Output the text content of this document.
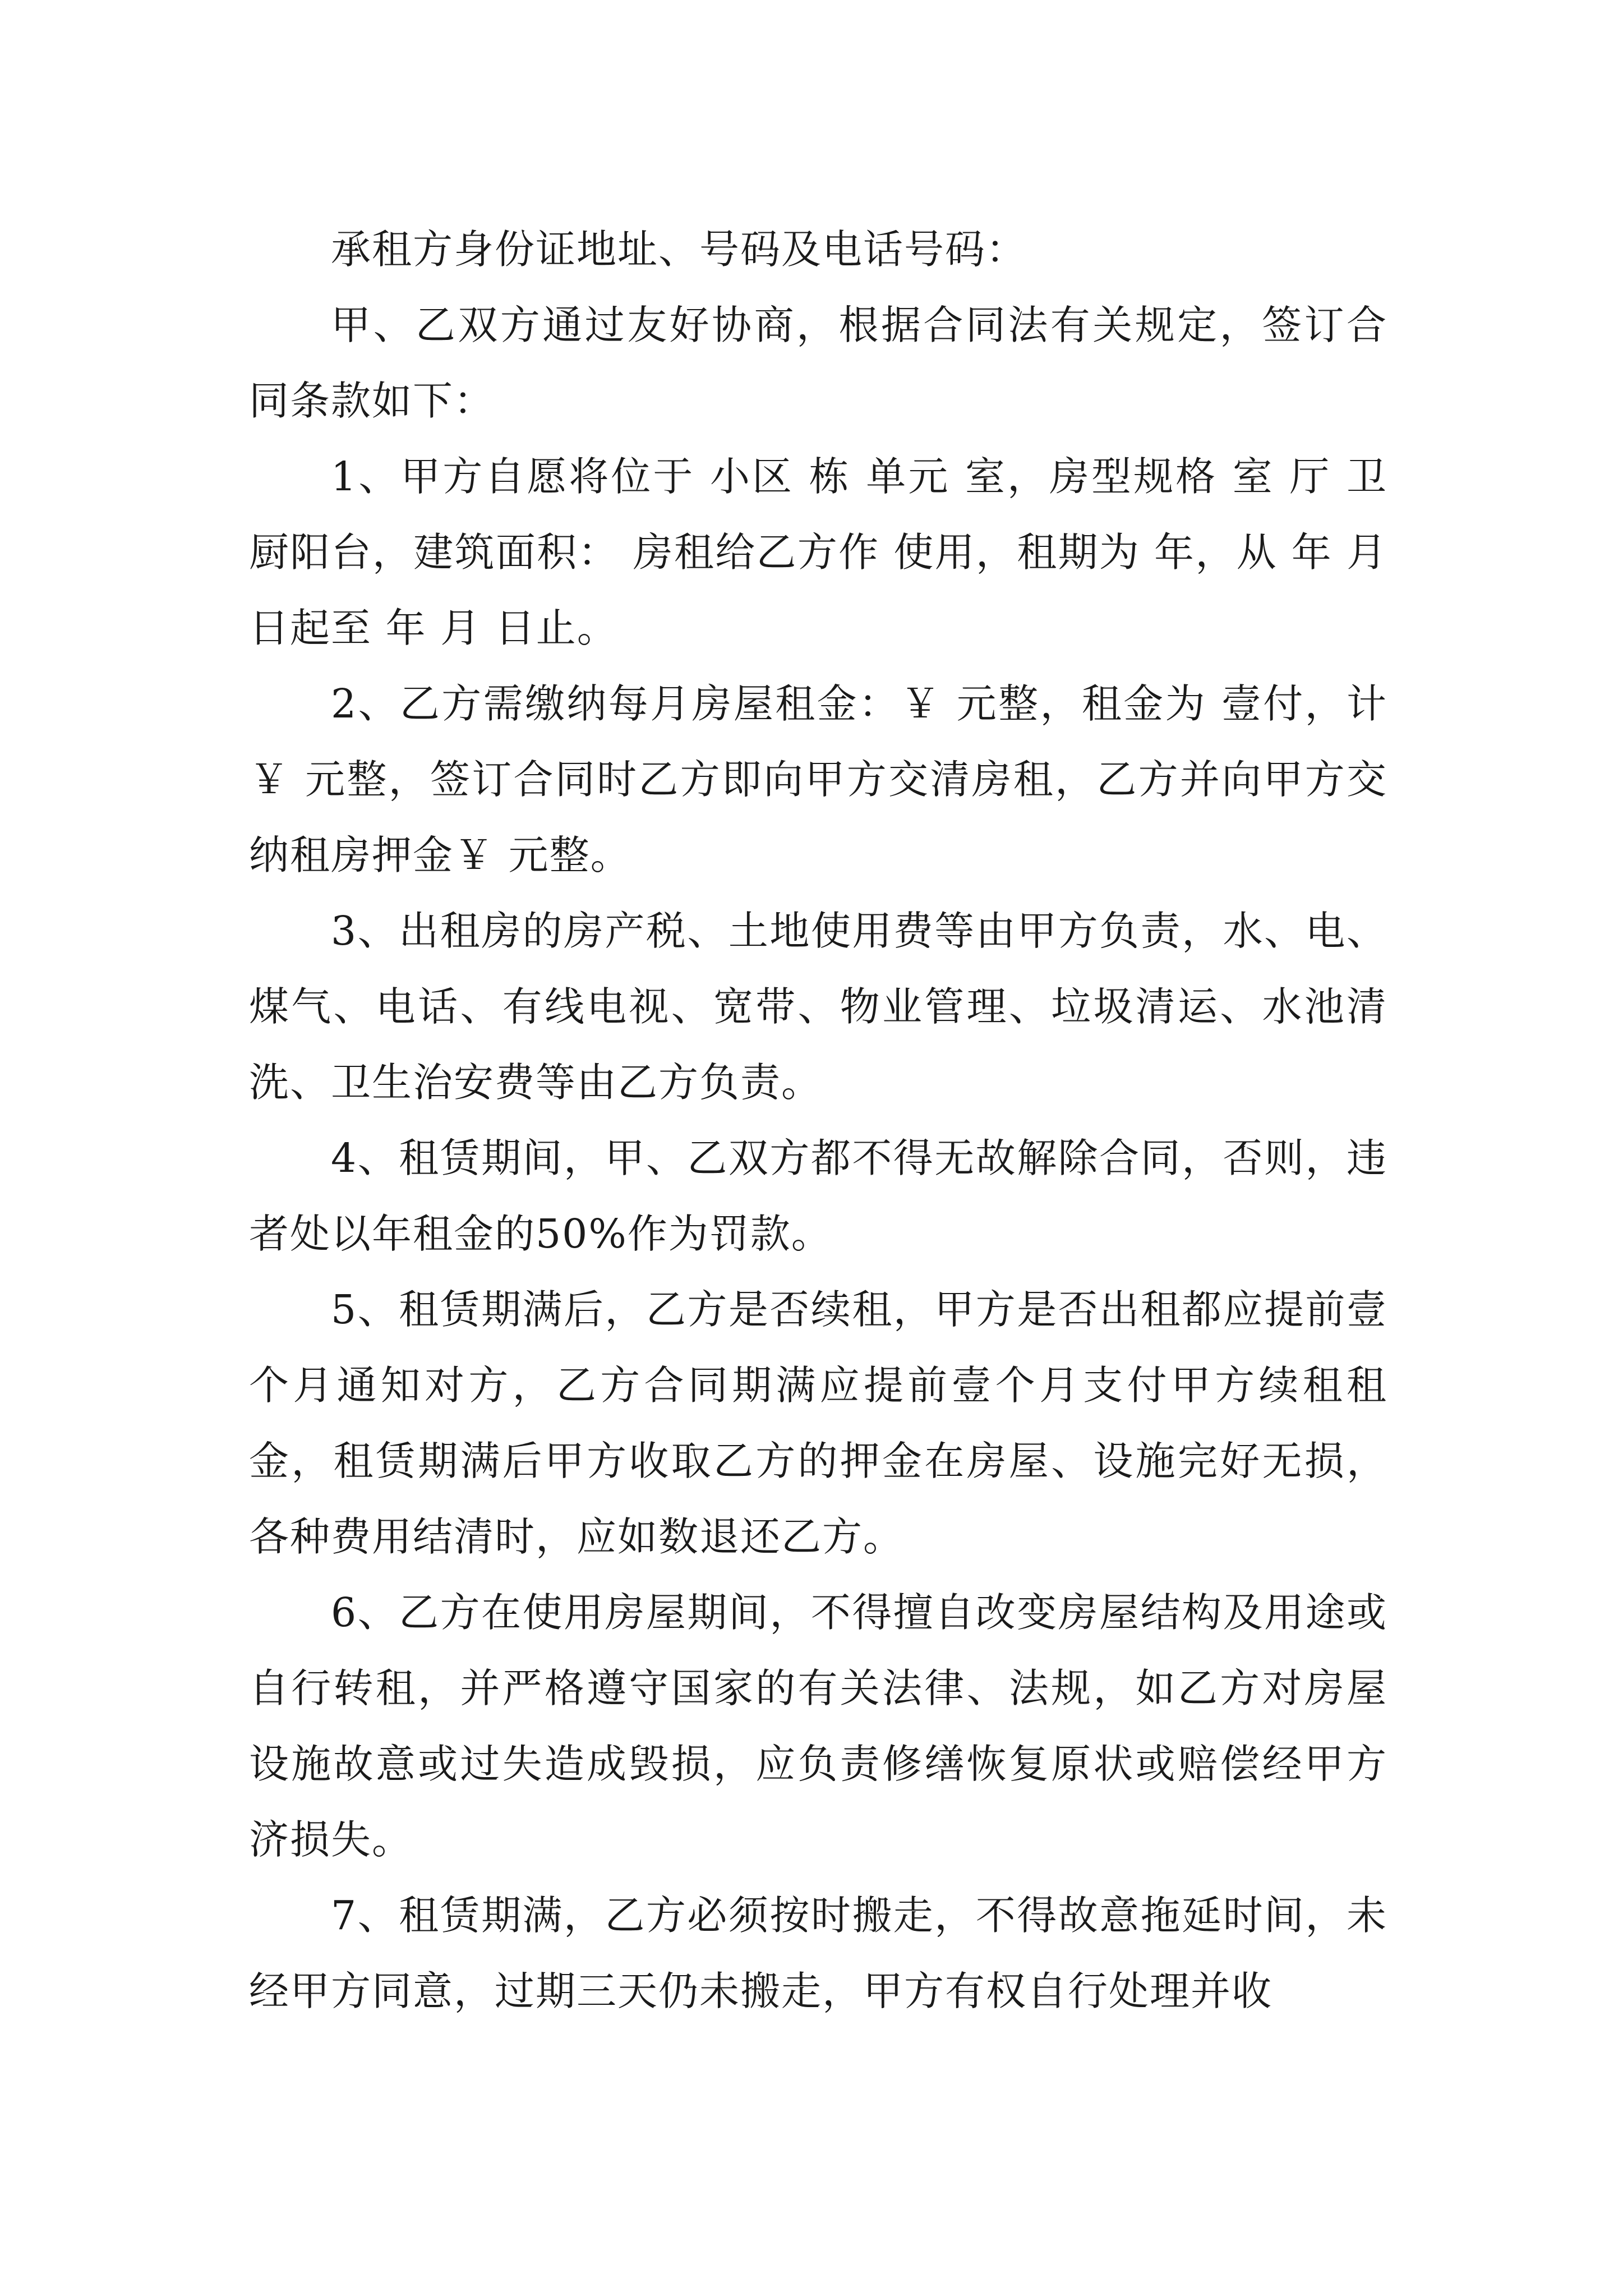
承租方身份证地址、号码及电话号码：

甲、乙双方通过友好协商，根据合同法有关规定，签订合同条款如下：

1、甲方自愿将位于 小区 栋 单元 室，房型规格 室 厅 卫 厨阳台，建筑面积： 房租给乙方作 使用，租期为 年，从 年 月 日起至 年 月 日止。

2、乙方需缴纳每月房屋租金：￥ 元整，租金为 壹付，计￥ 元整，签订合同时乙方即向甲方交清房租，乙方并向甲方交纳租房押金￥ 元整。

3、出租房的房产税、土地使用费等由甲方负责，水、电、煤气、电话、有线电视、宽带、物业管理、垃圾清运、水池清洗、卫生治安费等由乙方负责。

4、租赁期间，甲、乙双方都不得无故解除合同，否则，违者处以年租金的50%作为罚款。

5、租赁期满后，乙方是否续租，甲方是否出租都应提前壹个月通知对方，乙方合同期满应提前壹个月支付甲方续租租金，租赁期满后甲方收取乙方的押金在房屋、设施完好无损，各种费用结清时，应如数退还乙方。

6、乙方在使用房屋期间，不得擅自改变房屋结构及用途或自行转租，并严格遵守国家的有关法律、法规，如乙方对房屋设施故意或过失造成毁损，应负责修缮恢复原状或赔偿经甲方济损失。

7、租赁期满，乙方必须按时搬走，不得故意拖延时间，未经甲方同意，过期三天仍未搬走，甲方有权自行处理并收
